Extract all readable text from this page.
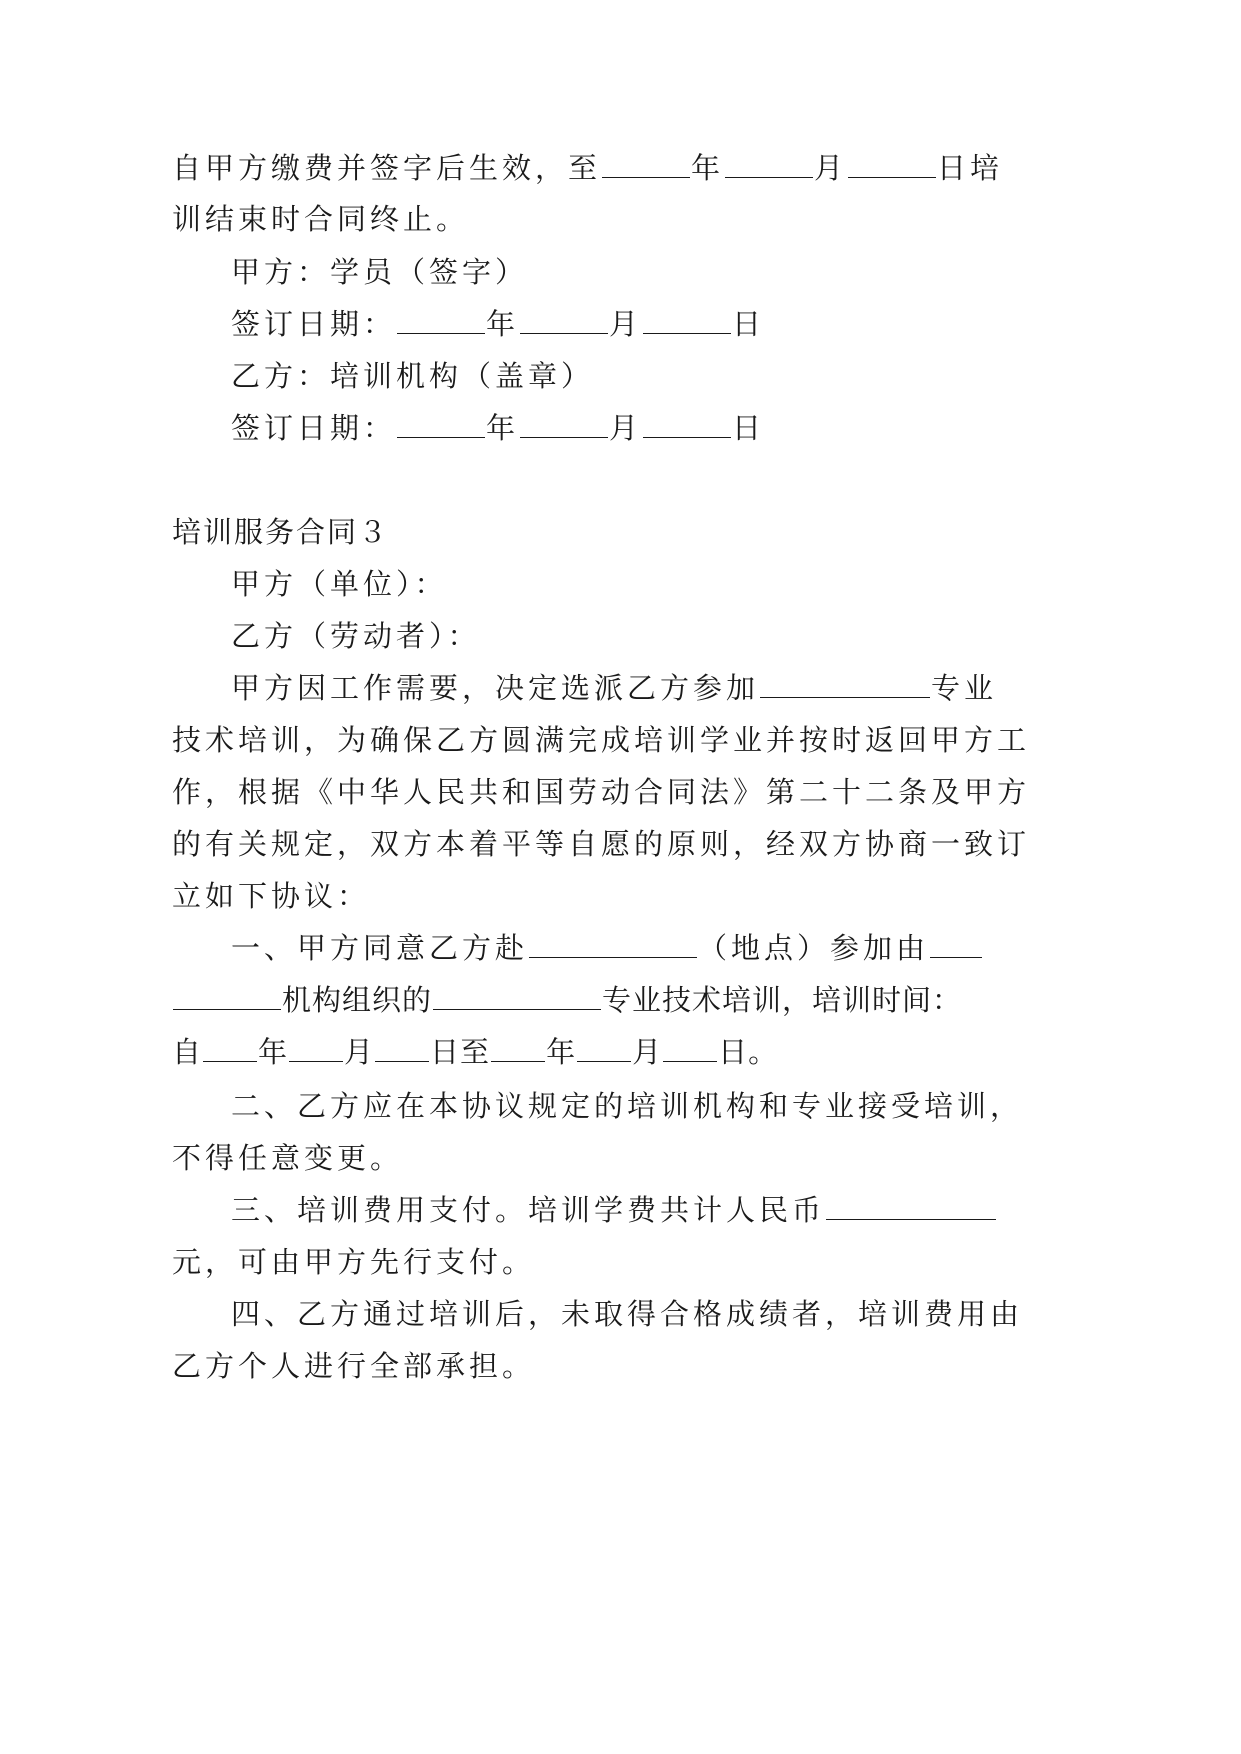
自甲方缴费并签字后生效，至	年	月	日培
训结束时合同终止。
甲方：学员（签字）
签订日期：	年	月	日
乙方：培训机构（盖章）
签订日期：	年	月	日
培训服务合同３
甲方（单位）：
乙方（劳动者）：
甲方因工作需要，决定选派乙方参加	专业
技术培训，为确保乙方圆满完成培训学业并按时返回甲方工
作，根据《中华人民共和国劳动合同法》第二十二条及甲方
的有关规定，双方本着平等自愿的原则，经双方协商一致订
立如下协议：
一、甲方同意乙方赴	（地点）参加由
机构组织的	专业技术培训，培训时间：
自 年 月 日至 年 月 日。
二、乙方应在本协议规定的培训机构和专业接受培训，
不得任意变更。
三、培训费用支付。培训学费共计人民币
元，可由甲方先行支付。
四、乙方通过培训后，未取得合格成绩者，培训费用由
乙方个人进行全部承担。
